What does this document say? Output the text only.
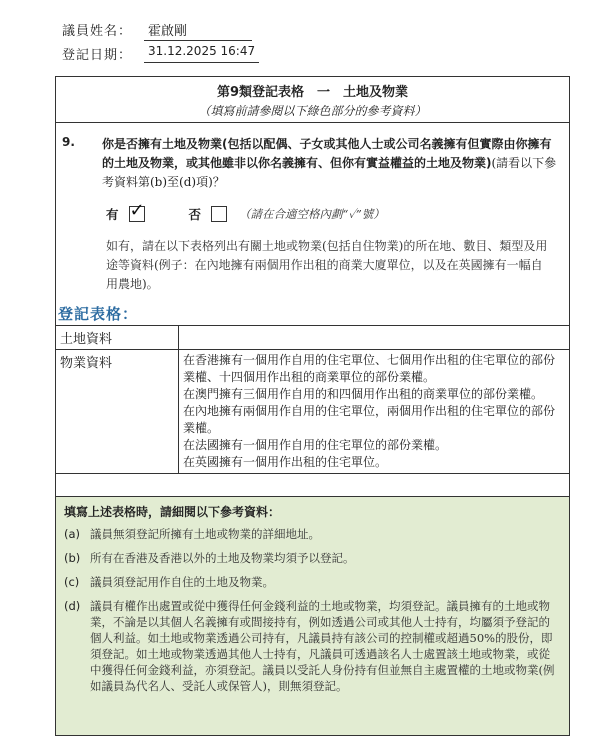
議員姓名：	霍啟剛
登記日期：	31.12.2025 16:47
第9類登記表格　一　土地及物業
（填寫前請參閱以下綠色部分的參考資料）
9.	你是否擁有土地及物業(包括以配偶、子女或其他人士或公司名義擁有但實際由你擁有的土地及物業，或其他雖非以你名義擁有、但你有實益權益的土地及物業)(請看以下參考資料第(b)至(d)項)？
有 ✓	否	（請在合適空格內劃“✓”號）
如有，請在以下表格列出有關土地或物業(包括自住物業)的所在地、數目、類型及用途等資料(例子：在內地擁有兩個用作出租的商業大廈單位，以及在英國擁有一幅自用農地)。
登記表格：
土地資料	
物業資料	在香港擁有一個用作自用的住宅單位、七個用作出租的住宅單位的部份業權、十四個用作出租的商業單位的部份業權。
在澳門擁有三個用作自用的和四個用作出租的商業單位的部份業權。
在內地擁有兩個用作自用的住宅單位，兩個用作出租的住宅單位的部份業權。
在法國擁有一個用作自用的住宅單位的部份業權。
在英國擁有一個用作出租的住宅單位。
填寫上述表格時，請細閱以下參考資料：
(a) 議員無須登記所擁有土地或物業的詳細地址。
(b) 所有在香港及香港以外的土地及物業均須予以登記。
(c) 議員須登記用作自住的土地及物業。
(d) 議員有權作出處置或從中獲得任何金錢利益的土地或物業，均須登記。議員擁有的土地或物業，不論是以其個人名義擁有或間接持有，例如透過公司或其他人士持有，均屬須予登記的個人利益。如土地或物業透過公司持有，凡議員持有該公司的控制權或超過50%的股份，即須登記。如土地或物業透過其他人士持有，凡議員可透過該名人士處置該土地或物業，或從中獲得任何金錢利益，亦須登記。議員以受託人身份持有但並無自主處置權的土地或物業(例如議員為代名人、受託人或保管人)，則無須登記。
